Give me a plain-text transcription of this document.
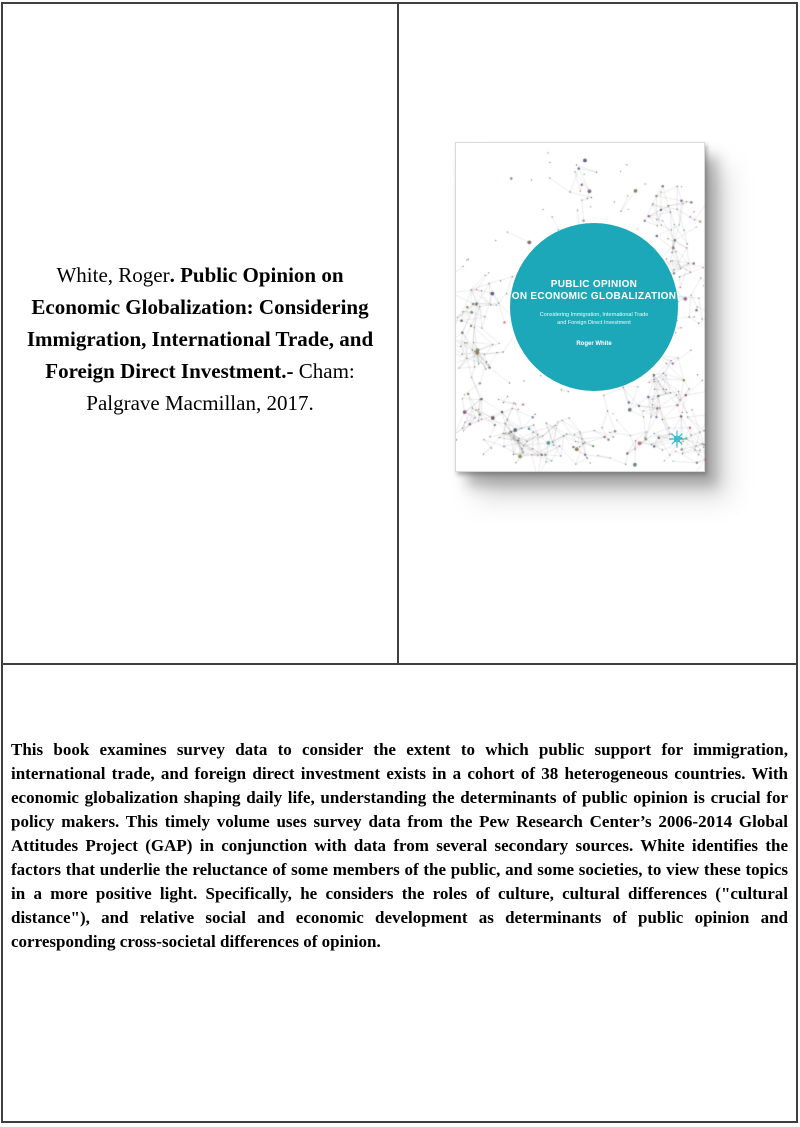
White, Roger. Public Opinion on Economic Globalization: Considering Immigration, International Trade, and Foreign Direct Investment.- Cham: Palgrave Macmillan, 2017.

PUBLIC OPINION
ON ECONOMIC GLOBALIZATION
Considering Immigration, International Trade
and Foreign Direct Investment
Roger White

This book examines survey data to consider the extent to which public support for immigration, international trade, and foreign direct investment exists in a cohort of 38 heterogeneous countries. With economic globalization shaping daily life, understanding the determinants of public opinion is crucial for policy makers. This timely volume uses survey data from the Pew Research Center’s 2006-2014 Global Attitudes Project (GAP) in conjunction with data from several secondary sources. White identifies the factors that underlie the reluctance of some members of the public, and some societies, to view these topics in a more positive light. Specifically, he considers the roles of culture, cultural differences ("cultural distance"), and relative social and economic development as determinants of public opinion and corresponding cross-societal differences of opinion.
